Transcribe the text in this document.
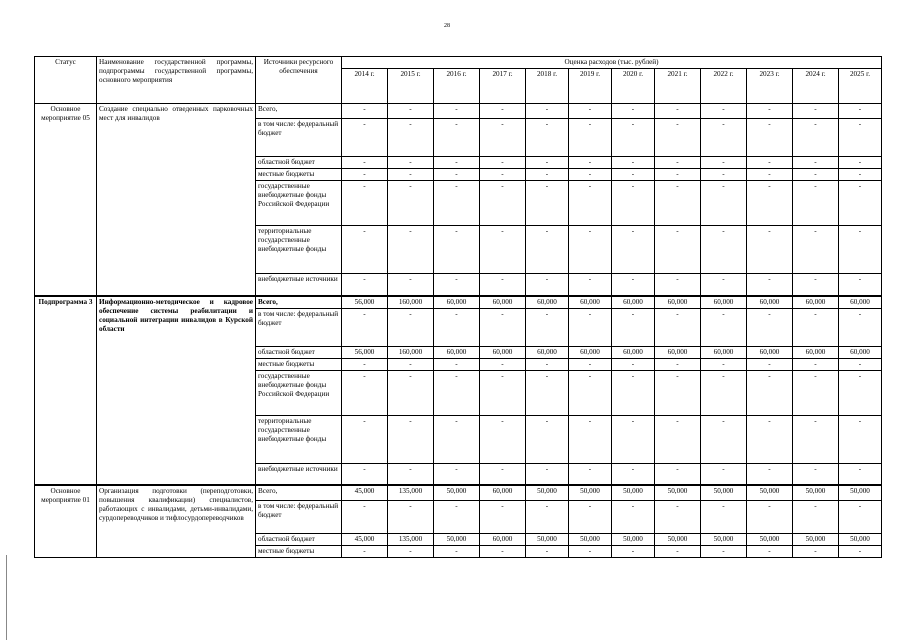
28
Статус	Наименование государственной программы, подпрограммы государственной программы, основного мероприятия	Источники ресурсного обеспечения	Оценка расходов (тыс. рублей)											
			2014 г.	2015 г.	2016 г.	2017 г.	2018 г.	2019 г.	2020 г.	2021 г.	2022 г.	2023 г.	2024 г.	2025 г.
Основное мероприятие 05	Создание специально отведенных парковочных мест для инвалидов	Всего,	-	-	-	-	-	-	-	-	-	-	-	-
		в том числе: федеральный бюджет	-	-	-	-	-	-	-	-	-	-	-	-
		областной бюджет	-	-	-	-	-	-	-	-	-	-	-	-
		местные бюджеты	-	-	-	-	-	-	-	-	-	-	-	-
		государственные внебюджетные фонды Российской Федерации	-	-	-	-	-	-	-	-	-	-	-	-
		территориальные государственные внебюджетные фонды	-	-	-	-	-	-	-	-	-	-	-	-
		внебюджетные источники	-	-	-	-	-	-	-	-	-	-	-	-
Подпрограмма 3	Информационно-методическое и кадровое обеспечение системы реабилитации и социальной интеграции инвалидов в Курской области	Всего,	56,000	160,000	60,000	60,000	60,000	60,000	60,000	60,000	60,000	60,000	60,000	60,000
		в том числе: федеральный бюджет	-	-	-	-	-	-	-	-	-	-	-	-
		областной бюджет	56,000	160,000	60,000	60,000	60,000	60,000	60,000	60,000	60,000	60,000	60,000	60,000
		местные бюджеты	-	-	-	-	-	-	-	-	-	-	-	-
		государственные внебюджетные фонды Российской Федерации	-	-	-	-	-	-	-	-	-	-	-	-
		территориальные государственные внебюджетные фонды	-	-	-	-	-	-	-	-	-	-	-	-
		внебюджетные источники	-	-	-	-	-	-	-	-	-	-	-	-
Основное мероприятие 01	Организация подготовки (переподготовки, повышения квалификации) специалистов, работающих с инвалидами, детьми-инвалидами, сурдопереводчиков и тифлосурдопереводчиков	Всего,	45,000	135,000	50,000	60,000	50,000	50,000	50,000	50,000	50,000	50,000	50,000	50,000
		в том числе: федеральный бюджет	-	-	-	-	-	-	-	-	-	-	-	-
		областной бюджет	45,000	135,000	50,000	60,000	50,000	50,000	50,000	50,000	50,000	50,000	50,000	50,000
		местные бюджеты	-	-	-	-	-	-	-	-	-	-	-	-
